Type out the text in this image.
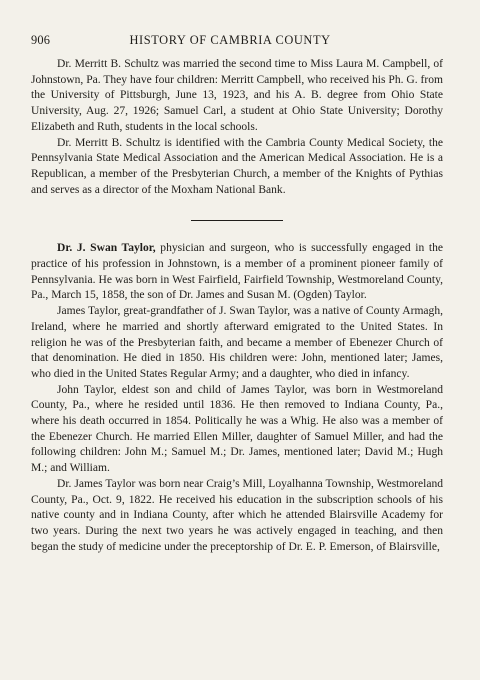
906	HISTORY OF CAMBRIA COUNTY

Dr. Merritt B. Schultz was married the second time to Miss Laura M. Campbell, of Johnstown, Pa. They have four children: Merritt Campbell, who received his Ph. G. from the University of Pittsburgh, June 13, 1923, and his A. B. degree from Ohio State University, Aug. 27, 1926; Samuel Carl, a student at Ohio State University; Dorothy Elizabeth and Ruth, students in the local schools.

Dr. Merritt B. Schultz is identified with the Cambria County Medical Society, the Pennsylvania State Medical Association and the American Medical Association. He is a Republican, a member of the Presbyterian Church, a member of the Knights of Pythias and serves as a director of the Moxham National Bank.

Dr. J. Swan Taylor, physician and surgeon, who is successfully engaged in the practice of his profession in Johnstown, is a member of a prominent pioneer family of Pennsylvania. He was born in West Fairfield, Fairfield Township, Westmoreland County, Pa., March 15, 1858, the son of Dr. James and Susan M. (Ogden) Taylor.

James Taylor, great-grandfather of J. Swan Taylor, was a native of County Armagh, Ireland, where he married and shortly afterward emigrated to the United States. In religion he was of the Presbyterian faith, and became a member of Ebenezer Church of that denomination. He died in 1850. His children were: John, mentioned later; James, who died in the United States Regular Army; and a daughter, who died in infancy.

John Taylor, eldest son and child of James Taylor, was born in Westmoreland County, Pa., where he resided until 1836. He then removed to Indiana County, Pa., where his death occurred in 1854. Politically he was a Whig. He also was a member of the Ebenezer Church. He married Ellen Miller, daughter of Samuel Miller, and had the following children: John M.; Samuel M.; Dr. James, mentioned later; David M.; Hugh M.; and William.

Dr. James Taylor was born near Craig’s Mill, Loyalhanna Township, Westmoreland County, Pa., Oct. 9, 1822. He received his education in the subscription schools of his native county and in Indiana County, after which he attended Blairsville Academy for two years. During the next two years he was actively engaged in teaching, and then began the study of medicine under the preceptorship of Dr. E. P. Emerson, of Blairsville,
